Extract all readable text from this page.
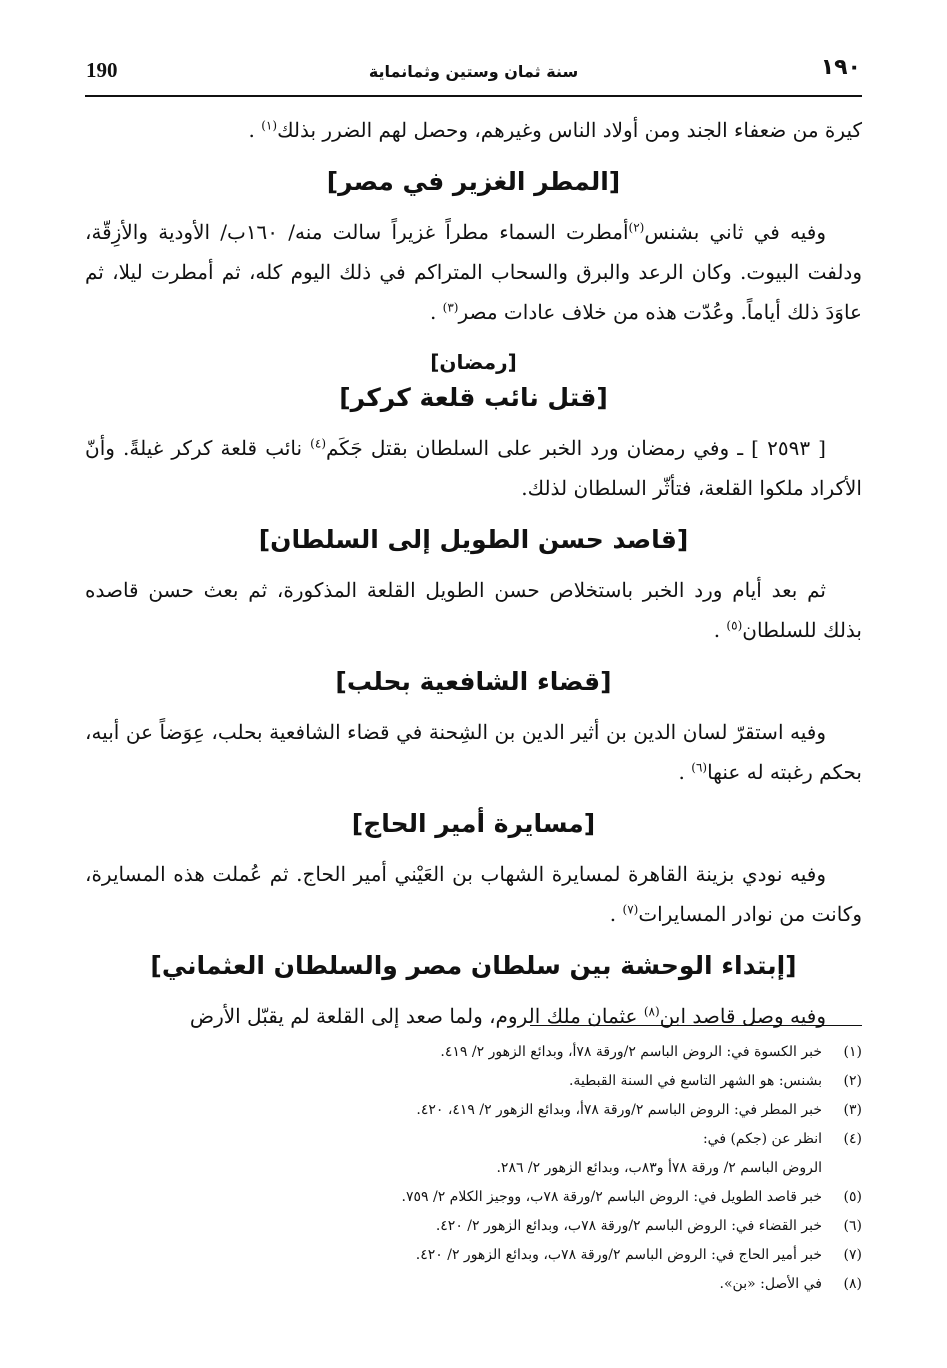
190	سنة ثمان وستين وثمانماية	١٩٠

كيرة من ضعفاء الجند ومن أولاد الناس وغيرهم، وحصل لهم الضرر بذلك$^{(١)}$ .

[المطر الغزير في مصر]

وفيه في ثاني بشنس$^{(٢)}$أمطرت السماء مطراً غزيراً سالت منه/ ١٦٠ب/ الأودية والأزِقّة، ودلفت البيوت. وكان الرعد والبرق والسحاب المتراكم في ذلك اليوم كله، ثم أمطرت ليلا، ثم عاوَدَ ذلك أياماً. وعُدّت هذه من خلاف عادات مصر$^{(٣)}$ .

[رمضان]
[قتل نائب قلعة كركر]

[ ٢٥٩٣ ] ـ وفي رمضان ورد الخبر على السلطان بقتل جَكَم$^{(٤)}$ نائب قلعة كركر غيلةً. وأنّ الأكراد ملكوا القلعة، فتأثّر السلطان لذلك.

[قاصد حسن الطويل إلى السلطان]

ثم بعد أيام ورد الخبر باستخلاص حسن الطويل القلعة المذكورة، ثم بعث حسن قاصده بذلك للسلطان$^{(٥)}$ .

[قضاء الشافعية بحلب]

وفيه استقرّ لسان الدين بن أثير الدين بن الشِحنة في قضاء الشافعية بحلب، عِوَضاً عن أبيه، بحكم رغبته له عنها$^{(٦)}$ .

[مسايرة أمير الحاج]

وفيه نودي بزينة القاهرة لمسايرة الشهاب بن العَيْني أمير الحاج. ثم عُملت هذه المسايرة، وكانت من نوادر المسايرات$^{(٧)}$ .

[إبتداء الوحشة بين سلطان مصر والسلطان العثماني]

وفيه وصل قاصد ابن$^{(٨)}$ عثمان ملك الروم، ولما صعد إلى القلعة لم يقبّل الأرض

(١)
خبر الكسوة في: الروض الباسم ٢/ورقة ٧٨أ، وبدائع الزهور ٢/ ٤١٩.
(٢)
بشنس: هو الشهر التاسع في السنة القبطية.
(٣)
خبر المطر في: الروض الباسم ٢/ورقة ٧٨أ، وبدائع الزهور ٢/ ٤١٩، ٤٢٠.
(٤)
انظر عن (جكم) في:
الروض الباسم ٢/ ورقة ٧٨أ و٨٣ب، وبدائع الزهور ٢/ ٢٨٦.
(٥)
خبر قاصد الطويل في: الروض الباسم ٢/ورقة ٧٨ب، ووجيز الكلام ٢/ ٧٥٩.
(٦)
خبر القضاء في: الروض الباسم ٢/ورقة ٧٨ب، وبدائع الزهور ٢/ ٤٢٠.
(٧)
خبر أمير الحاج في: الروض الباسم ٢/ورقة ٧٨ب، وبدائع الزهور ٢/ ٤٢٠.
(٨)
في الأصل: «بن».
